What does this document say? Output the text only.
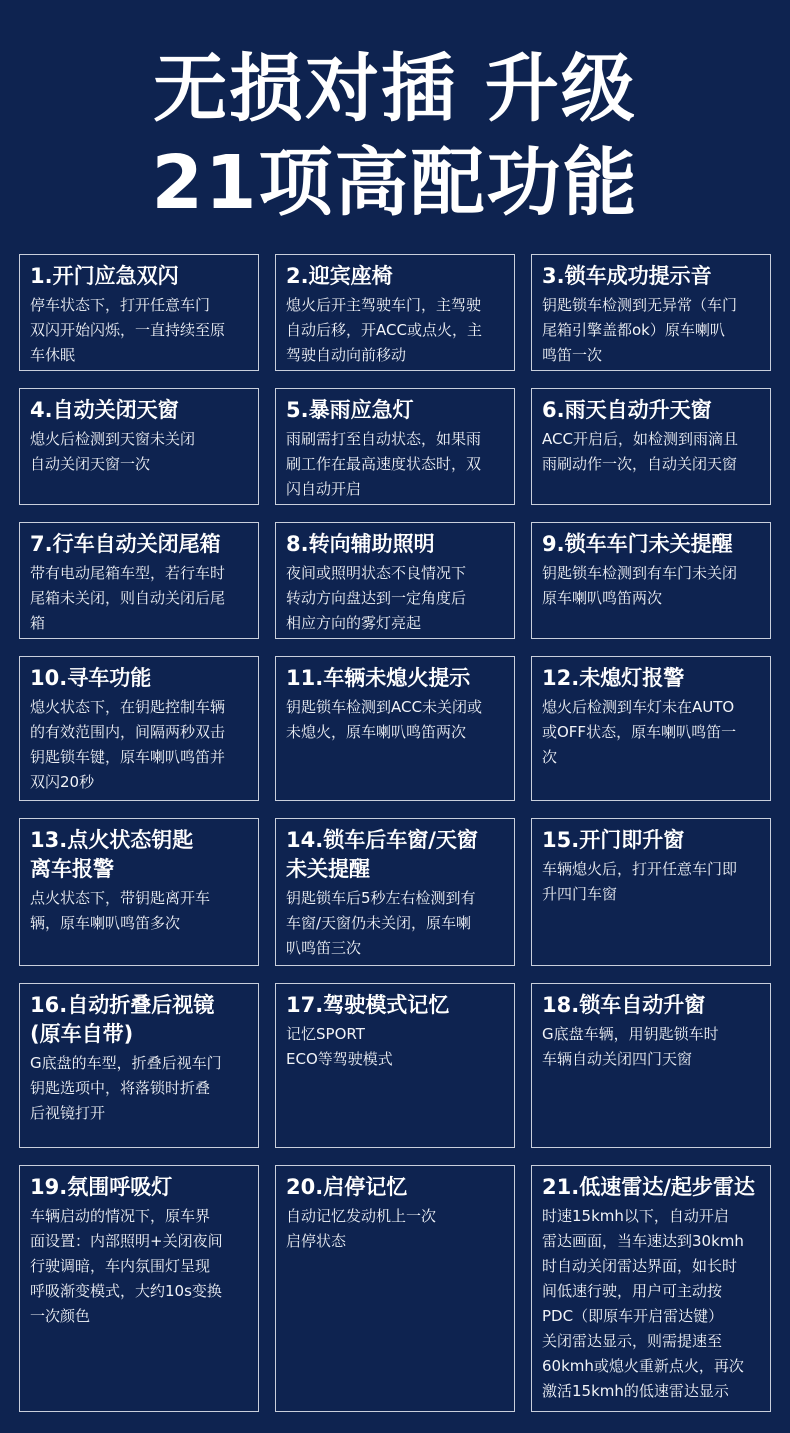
无损对插 升级
21项高配功能
1.开门应急双闪
停车状态下，打开任意车门
双闪开始闪烁，一直持续至原
车休眠
2.迎宾座椅
熄火后开主驾驶车门，主驾驶
自动后移，开ACC或点火，主
驾驶自动向前移动
3.锁车成功提示音
钥匙锁车检测到无异常（车门
尾箱引擎盖都ok）原车喇叭
鸣笛一次
4.自动关闭天窗
熄火后检测到天窗未关闭
自动关闭天窗一次
5.暴雨应急灯
雨刷需打至自动状态，如果雨
刷工作在最高速度状态时，双
闪自动开启
6.雨天自动升天窗
ACC开启后，如检测到雨滴且
雨刷动作一次，自动关闭天窗
7.行车自动关闭尾箱
带有电动尾箱车型，若行车时
尾箱未关闭，则自动关闭后尾
箱
8.转向辅助照明
夜间或照明状态不良情况下
转动方向盘达到一定角度后
相应方向的雾灯亮起
9.锁车车门未关提醒
钥匙锁车检测到有车门未关闭
原车喇叭鸣笛两次
10.寻车功能
熄火状态下，在钥匙控制车辆
的有效范围内，间隔两秒双击
钥匙锁车键，原车喇叭鸣笛并
双闪20秒
11.车辆未熄火提示
钥匙锁车检测到ACC未关闭或
未熄火，原车喇叭鸣笛两次
12.未熄灯报警
熄火后检测到车灯未在AUTO
或OFF状态，原车喇叭鸣笛一
次
13.点火状态钥匙
离车报警
点火状态下，带钥匙离开车
辆，原车喇叭鸣笛多次
14.锁车后车窗/天窗
未关提醒
钥匙锁车后5秒左右检测到有
车窗/天窗仍未关闭，原车喇
叭鸣笛三次
15.开门即升窗
车辆熄火后，打开任意车门即
升四门车窗
16.自动折叠后视镜
(原车自带)
G底盘的车型，折叠后视车门
钥匙选项中，将落锁时折叠
后视镜打开
17.驾驶模式记忆
记忆SPORT
ECO等驾驶模式
18.锁车自动升窗
G底盘车辆，用钥匙锁车时
车辆自动关闭四门天窗
19.氛围呼吸灯
车辆启动的情况下，原车界
面设置：内部照明+关闭夜间
行驶调暗，车内氛围灯呈现
呼吸渐变模式，大约10s变换
一次颜色
20.启停记忆
自动记忆发动机上一次
启停状态
21.低速雷达/起步雷达
时速15kmh以下，自动开启
雷达画面，当车速达到30kmh
时自动关闭雷达界面，如长时
间低速行驶，用户可主动按
PDC（即原车开启雷达键）
关闭雷达显示，则需提速至
60kmh或熄火重新点火，再次
激活15kmh的低速雷达显示
